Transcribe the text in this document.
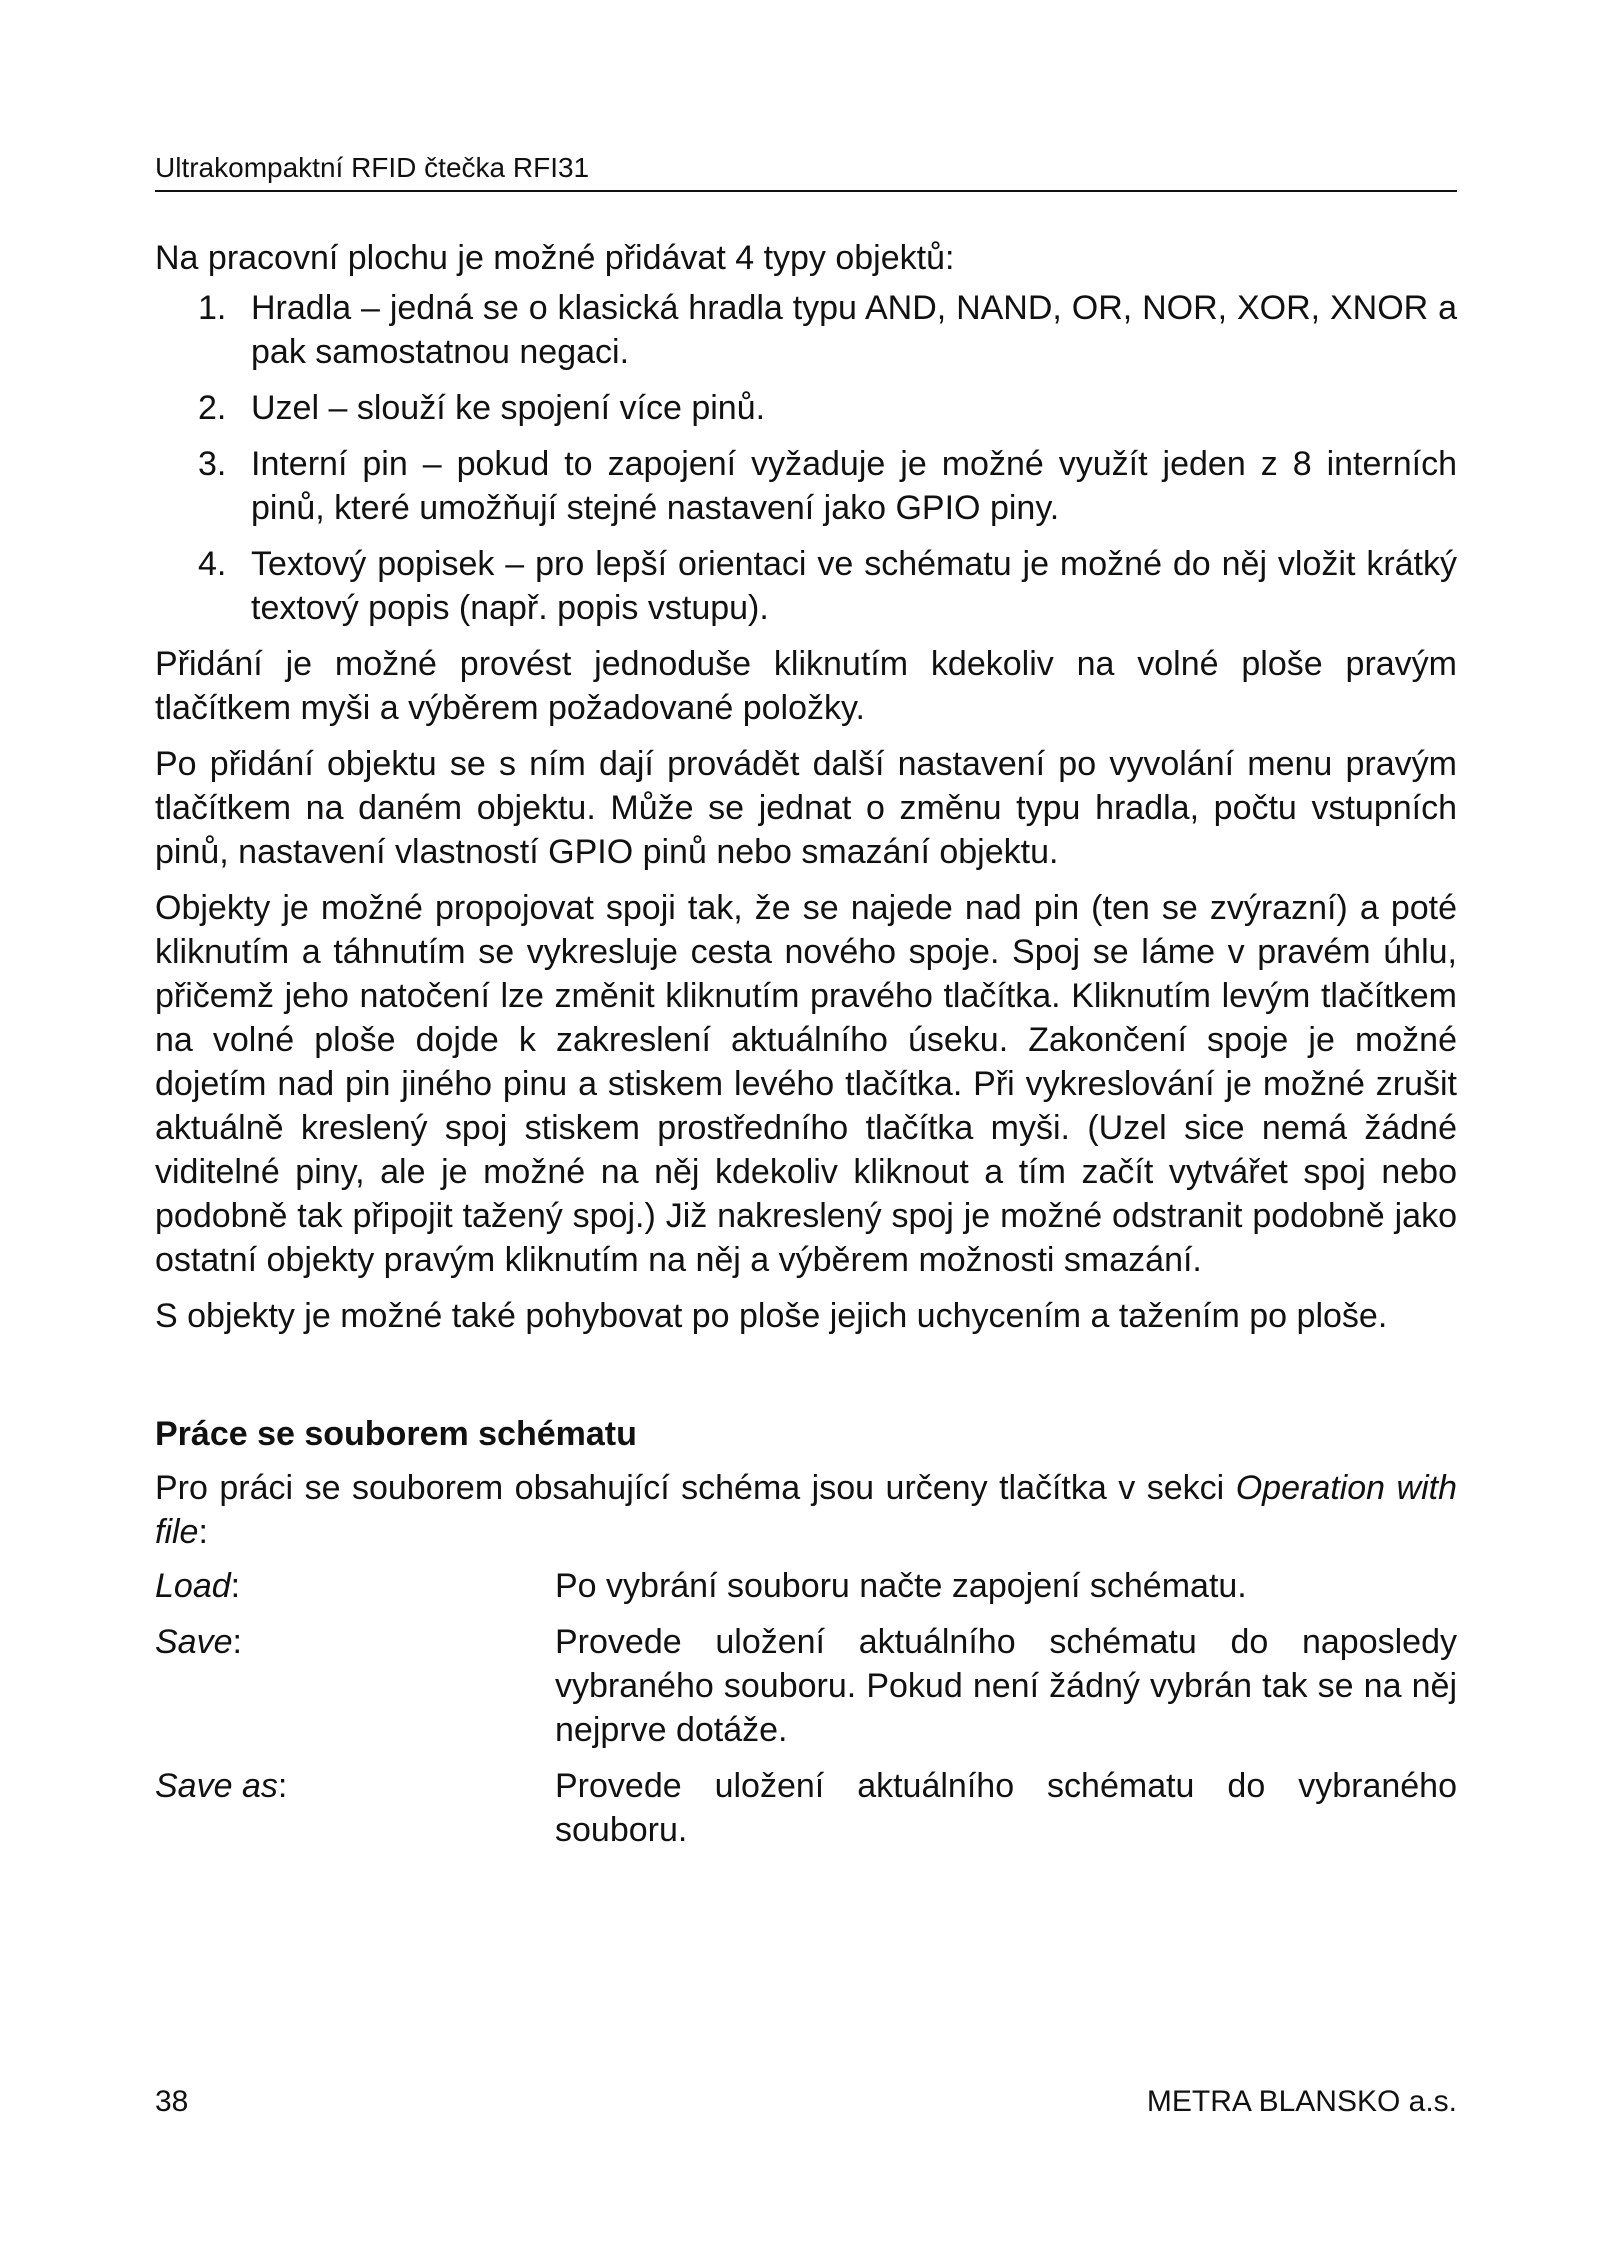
Ultrakompaktní RFID čtečka RFI31

Na pracovní plochu je možné přidávat 4 typy objektů:

1. Hradla – jedná se o klasická hradla typu AND, NAND, OR, NOR, XOR, XNOR a pak samostatnou negaci.
2. Uzel – slouží ke spojení více pinů.
3. Interní pin – pokud to zapojení vyžaduje je možné využít jeden z 8 interních pinů, které umožňují stejné nastavení jako GPIO piny.
4. Textový popisek – pro lepší orientaci ve schématu je možné do něj vložit krátký textový popis (např. popis vstupu).

Přidání je možné provést jednoduše kliknutím kdekoliv na volné ploše pravým tlačítkem myši a výběrem požadované položky.

Po přidání objektu se s ním dají provádět další nastavení po vyvolání menu pravým tlačítkem na daném objektu. Může se jednat o změnu typu hradla, počtu vstupních pinů, nastavení vlastností GPIO pinů nebo smazání objektu.

Objekty je možné propojovat spoji tak, že se najede nad pin (ten se zvýrazní) a poté kliknutím a táhnutím se vykresluje cesta nového spoje. Spoj se láme v pravém úhlu, přičemž jeho natočení lze změnit kliknutím pravého tlačítka. Kliknutím levým tlačítkem na volné ploše dojde k zakreslení aktuálního úseku. Zakončení spoje je možné dojetím nad pin jiného pinu a stiskem levého tlačítka. Při vykreslování je možné zrušit aktuálně kreslený spoj stiskem prostředního tlačítka myši. (Uzel sice nemá žádné viditelné piny, ale je možné na něj kdekoliv kliknout a tím začít vytvářet spoj nebo podobně tak připojit tažený spoj.) Již nakreslený spoj je možné odstranit podobně jako ostatní objekty pravým kliknutím na něj a výběrem možnosti smazání.

S objekty je možné také pohybovat po ploše jejich uchycením a tažením po ploše.

Práce se souborem schématu

Pro práci se souborem obsahující schéma jsou určeny tlačítka v sekci Operation with file:

Load:	Po vybrání souboru načte zapojení schématu.
Save:	Provede uložení aktuálního schématu do naposledy vybraného souboru. Pokud není žádný vybrán tak se na něj nejprve dotáže.
Save as:	Provede uložení aktuálního schématu do vybraného souboru.
38	METRA BLANSKO a.s.
